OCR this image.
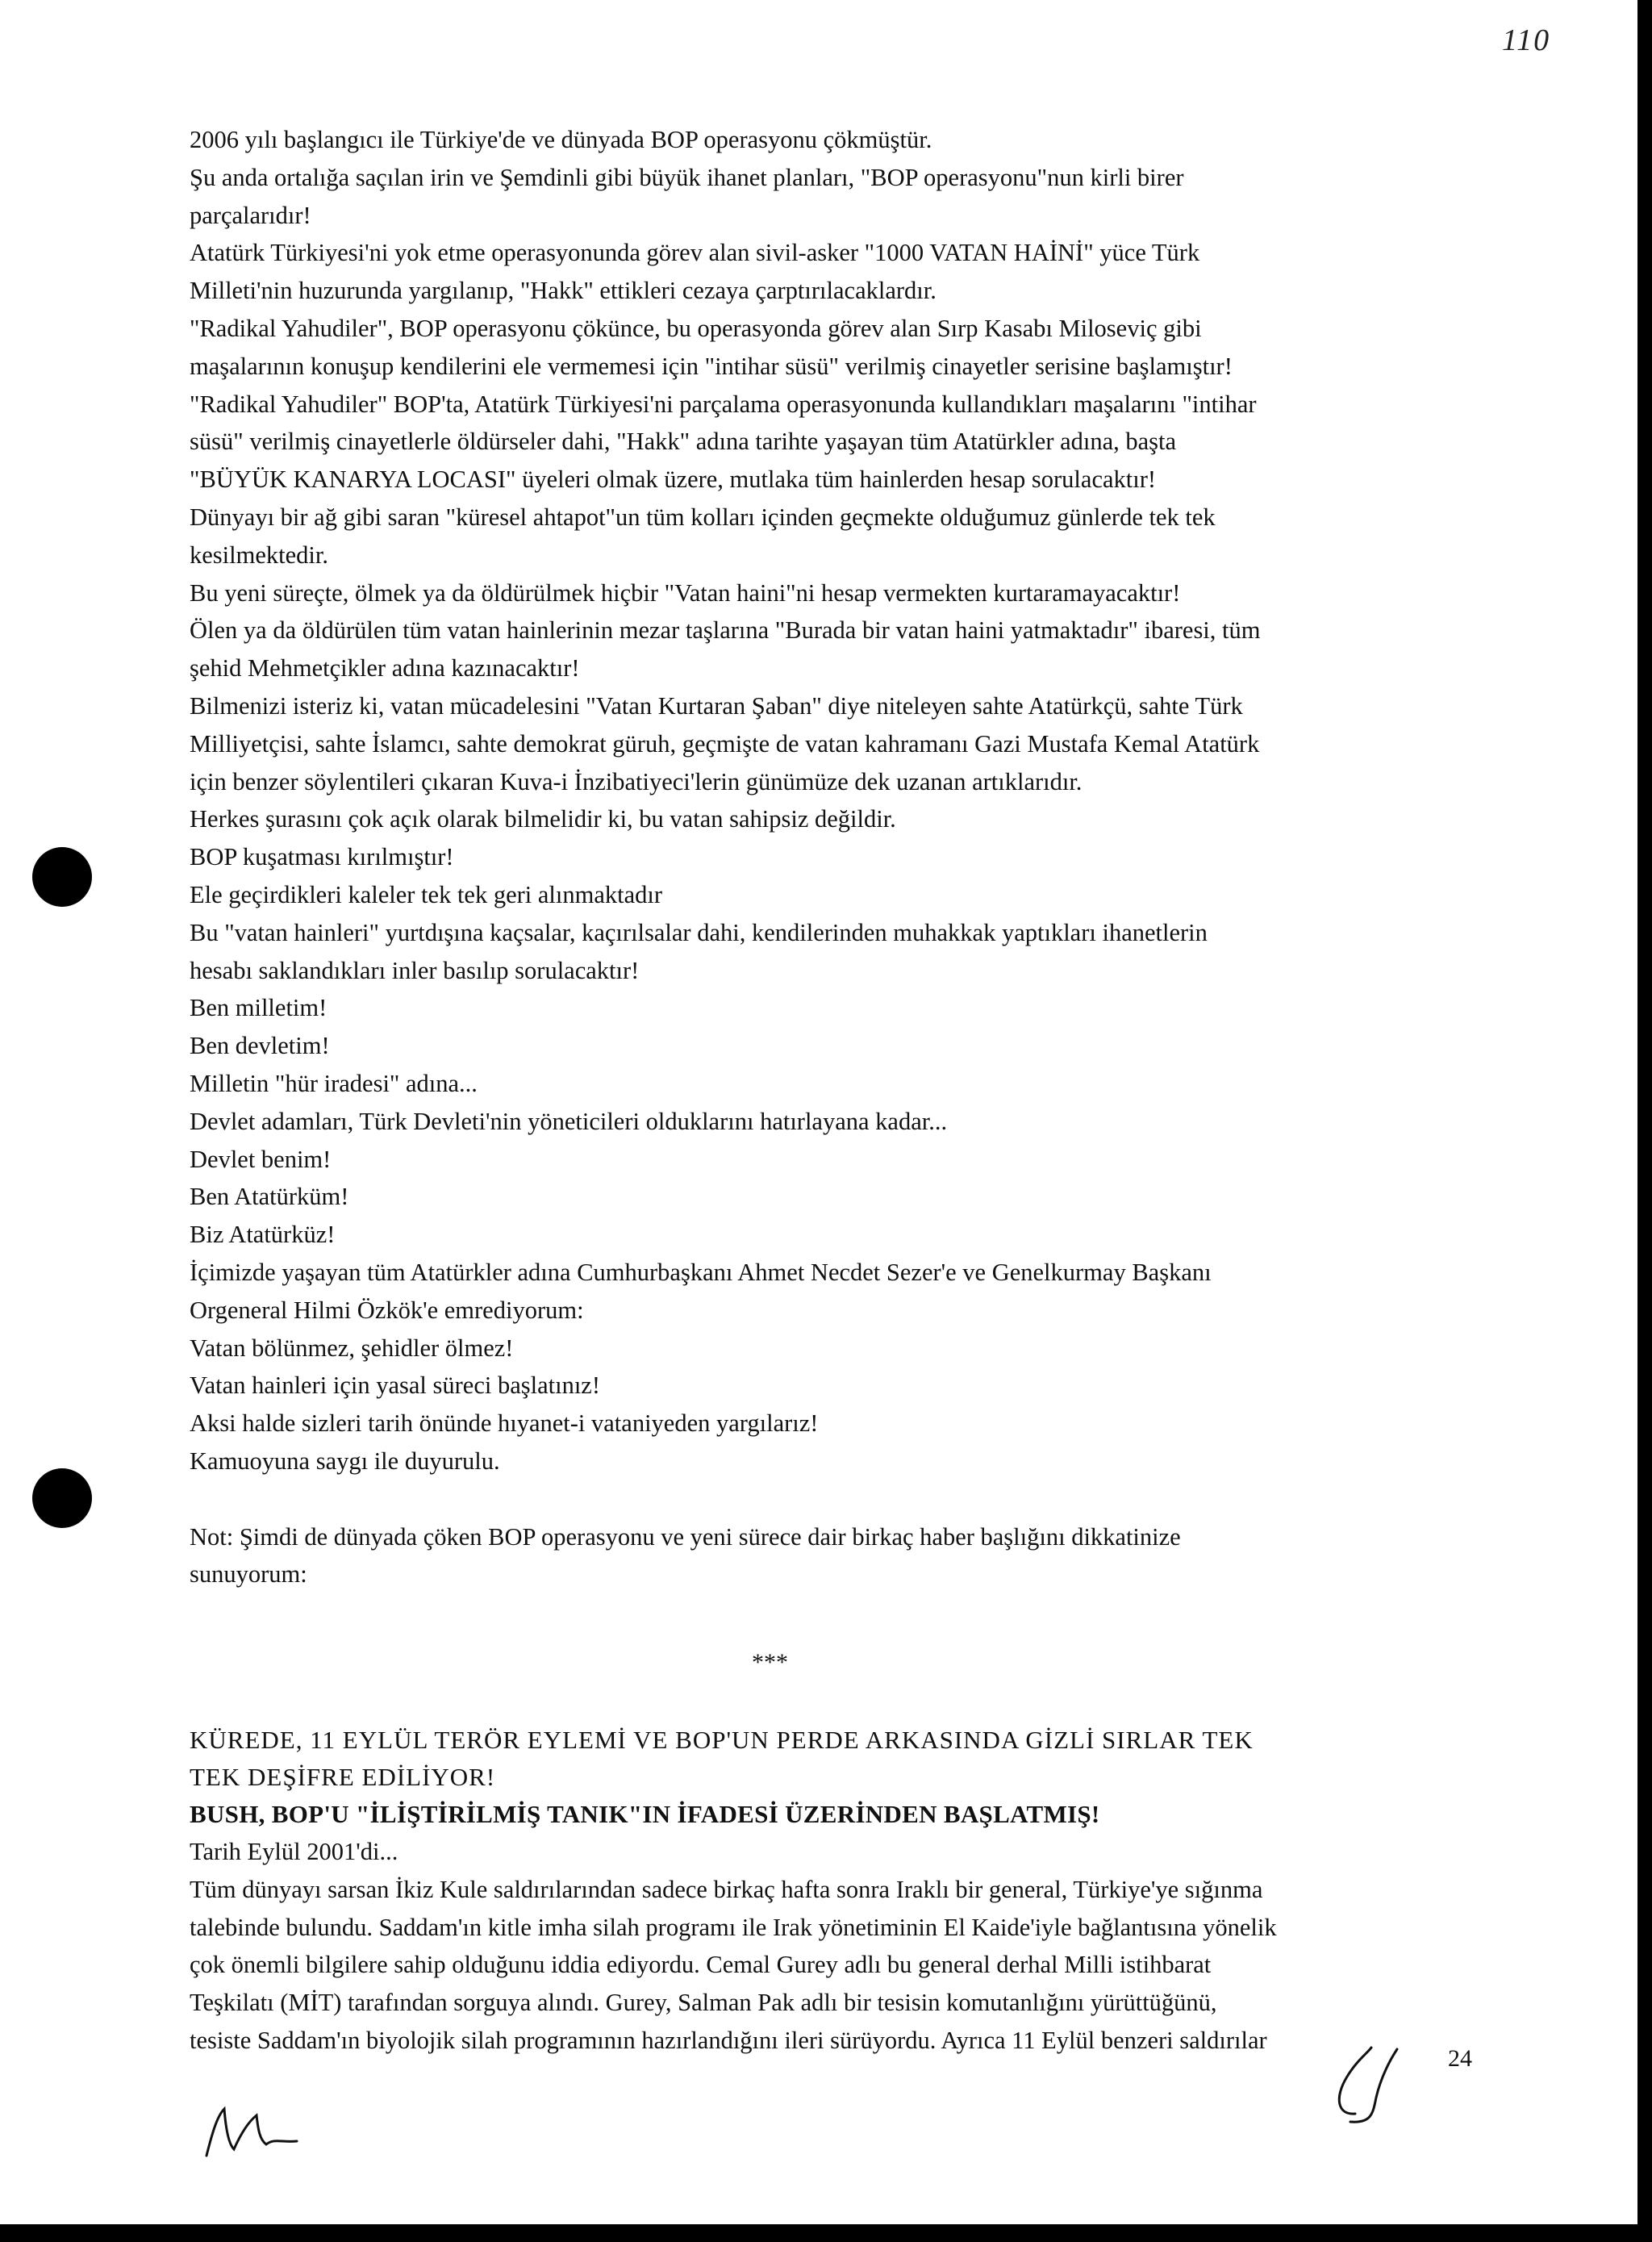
110
2006 yılı başlangıcı ile Türkiye'de ve dünyada BOP operasyonu çökmüştür.
Şu anda ortalığa saçılan irin ve Şemdinli gibi büyük ihanet planları, "BOP operasyonu"nun kirli birer
parçalarıdır!
Atatürk Türkiyesi'ni yok etme operasyonunda görev alan sivil-asker "1000 VATAN HAİNİ" yüce Türk
Milleti'nin huzurunda yargılanıp, "Hakk" ettikleri cezaya çarptırılacaklardır.
"Radikal Yahudiler", BOP operasyonu çökünce, bu operasyonda görev alan Sırp Kasabı Miloseviç gibi
maşalarının konuşup kendilerini ele vermemesi için "intihar süsü" verilmiş cinayetler serisine başlamıştır!
"Radikal Yahudiler" BOP'ta, Atatürk Türkiyesi'ni parçalama operasyonunda kullandıkları maşalarını "intihar
süsü" verilmiş cinayetlerle öldürseler dahi, "Hakk" adına tarihte yaşayan tüm Atatürkler adına, başta
"BÜYÜK KANARYA LOCASI" üyeleri olmak üzere, mutlaka tüm hainlerden hesap sorulacaktır!
Dünyayı bir ağ gibi saran "küresel ahtapot"un tüm kolları içinden geçmekte olduğumuz günlerde tek tek
kesilmektedir.
Bu yeni süreçte, ölmek ya da öldürülmek hiçbir "Vatan haini"ni hesap vermekten kurtaramayacaktır!
Ölen ya da öldürülen tüm vatan hainlerinin mezar taşlarına "Burada bir vatan haini yatmaktadır" ibaresi, tüm
şehid Mehmetçikler adına kazınacaktır!
Bilmenizi isteriz ki, vatan mücadelesini "Vatan Kurtaran Şaban" diye niteleyen sahte Atatürkçü, sahte Türk
Milliyetçisi, sahte İslamcı, sahte demokrat güruh, geçmişte de vatan kahramanı Gazi Mustafa Kemal Atatürk
için benzer söylentileri çıkaran Kuva-i İnzibatiyeci'lerin günümüze dek uzanan artıklarıdır.
Herkes şurasını çok açık olarak bilmelidir ki, bu vatan sahipsiz değildir.
BOP kuşatması kırılmıştır!
Ele geçirdikleri kaleler tek tek geri alınmaktadır
Bu "vatan hainleri" yurtdışına kaçsalar, kaçırılsalar dahi, kendilerinden muhakkak yaptıkları ihanetlerin
hesabı saklandıkları inler basılıp sorulacaktır!
Ben milletim!
Ben devletim!
Milletin "hür iradesi" adına...
Devlet adamları, Türk Devleti'nin yöneticileri olduklarını hatırlayana kadar...
Devlet benim!
Ben Atatürküm!
Biz Atatürküz!
İçimizde yaşayan tüm Atatürkler adına Cumhurbaşkanı Ahmet Necdet Sezer'e ve Genelkurmay Başkanı
Orgeneral Hilmi Özkök'e emrediyorum:
Vatan bölünmez, şehidler ölmez!
Vatan hainleri için yasal süreci başlatınız!
Aksi halde sizleri tarih önünde hıyanet-i vataniyeden yargılarız!
Kamuoyuna saygı ile duyurulu.
Not: Şimdi de dünyada çöken BOP operasyonu ve yeni sürece dair birkaç haber başlığını dikkatinize
sunuyorum:
***
KÜREDE, 11 EYLÜL TERÖR EYLEMİ VE BOP'UN PERDE ARKASINDA GİZLİ SIRLAR TEK
TEK DEŞİFRE EDİLİYOR!
BUSH, BOP'U "İLİŞTİRİLMİŞ TANIK"IN İFADESİ ÜZERİNDEN BAŞLATMIŞ!
Tarih Eylül 2001'di...
Tüm dünyayı sarsan İkiz Kule saldırılarından sadece birkaç hafta sonra Iraklı bir general, Türkiye'ye sığınma
talebinde bulundu. Saddam'ın kitle imha silah programı ile Irak yönetiminin El Kaide'iyle bağlantısına yönelik
çok önemli bilgilere sahip olduğunu iddia ediyordu. Cemal Gurey adlı bu general derhal Milli istihbarat
Teşkilatı (MİT) tarafından sorguya alındı. Gurey, Salman Pak adlı bir tesisin komutanlığını yürüttüğünü,
tesiste Saddam'ın biyolojik silah programının hazırlandığını ileri sürüyordu. Ayrıca 11 Eylül benzeri saldırılar
24
